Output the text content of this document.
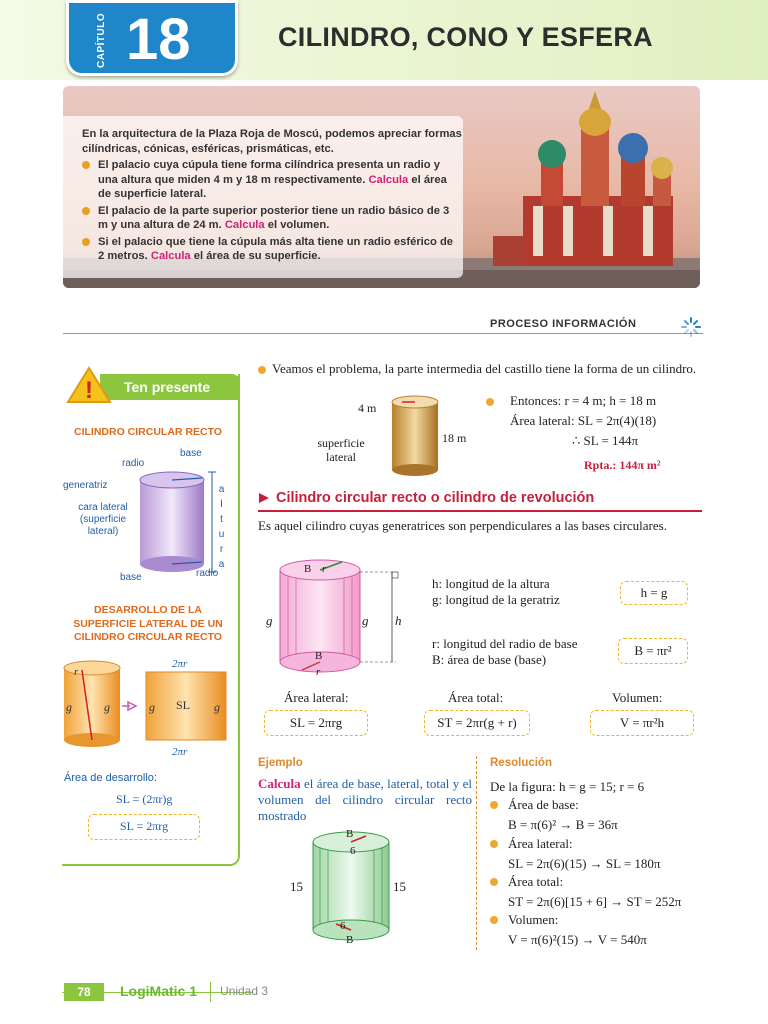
CAPÍTULO 18	CILINDRO, CONO Y ESFERA

En la arquitectura de la Plaza Roja de Moscú, podemos apreciar formas cilíndricas, cónicas, esféricas, prismáticas, etc.

El palacio cuya cúpula tiene forma cilíndrica presenta un radio y una altura que miden 4 m y 18 m respectivamente. Calcula el área de superficie lateral.

El palacio de la parte superior posterior tiene un radio básico de 3 m y una altura de 24 m. Calcula el volumen.

Si el palacio que tiene la cúpula más alta tiene un radio esférico de 2 metros. Calcula el área de su superficie.

PROCESO INFORMACIÓN
Ten presente
!
CILINDRO CIRCULAR RECTO
radio
base
generatriz
cara lateral (superficie lateral)
base	radio
altura
DESARROLLO DE LA SUPERFICIE LATERAL DE UN CILINDRO CIRCULAR RECTO
2πr
2πr
g	g	g	g
SL
r
Área de desarrollo:
SL = (2πr)g
SL = 2πrg
Veamos el problema, la parte intermedia del castillo tiene la forma de un cilindro.
4 m
18 m
superficie lateral
Entonces: r = 4 m; h = 18 m
Área lateral: SL = 2π(4)(18)
∴ SL = 144π
Rpta.: 144π m²
Cilindro circular recto o cilindro de revolución
Es aquel cilindro cuyas generatrices son perpendiculares a las bases circulares.
B r
B
r
g	g h
h: longitud de la altura
g: longitud de la geratriz
r: longitud del radio de base
B: área de base (base)
h = g
B = πr²
Área lateral:	Área total:	Volumen:
SL = 2πrg	ST = 2πr(g + r)	V = πr²h
Ejemplo
Calcula el área de base, lateral, total y el volumen del cilindro circular recto mostrado
B
6
6
B
15	15
Resolución
De la figura: h = g = 15; r = 6
Área de base:
B = π(6)² → B = 36π
Área lateral:
SL = 2π(6)(15) → SL = 180π
Área total:
ST = 2π(6)[15 + 6] → ST = 252π
Volumen:
V = π(6)²(15) → V = 540π
78	LogiMatic 1 Unidad 3
